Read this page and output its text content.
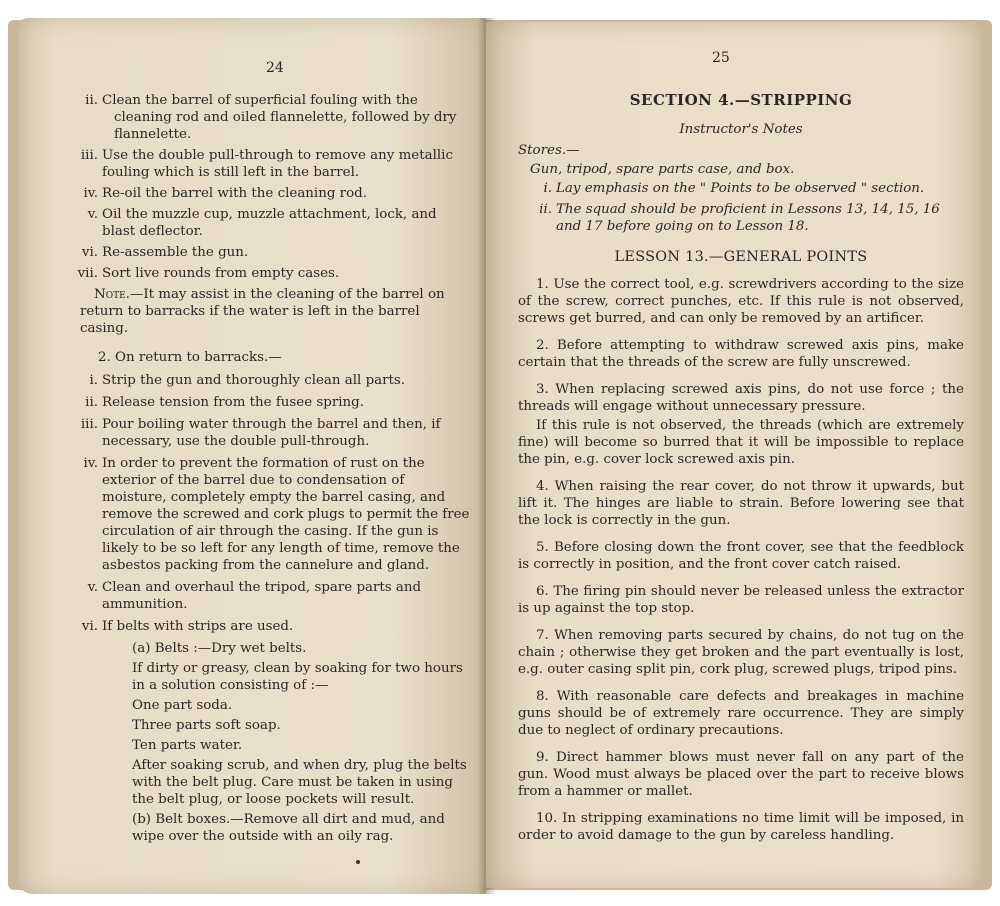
24
ii. Clean the barrel of superficial fouling with the cleaning rod and oiled flannelette, followed by dry flannelette.
iii. Use the double pull-through to remove any metallic fouling which is still left in the barrel.
iv. Re-oil the barrel with the cleaning rod.
v. Oil the muzzle cup, muzzle attachment, lock, and blast deflector.
vi. Re-assemble the gun.
vii. Sort live rounds from empty cases.
Note.—It may assist in the cleaning of the barrel on return to barracks if the water is left in the barrel casing.
2. On return to barracks.—
i. Strip the gun and thoroughly clean all parts.
ii. Release tension from the fusee spring.
iii. Pour boiling water through the barrel and then, if necessary, use the double pull-through.
iv. In order to prevent the formation of rust on the exterior of the barrel due to condensation of moisture, completely empty the barrel casing, and remove the screwed and cork plugs to permit the free circulation of air through the casing. If the gun is likely to be so left for any length of time, remove the asbestos packing from the cannelure and gland.
v. Clean and overhaul the tripod, spare parts and ammunition.
vi. If belts with strips are used.

(a) Belts :—Dry wet belts.

If dirty or greasy, clean by soaking for two hours in a solution consisting of :—

One part soda.

Three parts soft soap.

Ten parts water.

After soaking scrub, and when dry, plug the belts with the belt plug. Care must be taken in using the belt plug, or loose pockets will result.

(b) Belt boxes.—Remove all dirt and mud, and wipe over the outside with an oily rag.

25
SECTION 4.—STRIPPING
Instructor's Notes
Stores.—
Gun, tripod, spare parts case, and box.
i. Lay emphasis on the " Points to be observed " section.
ii. The squad should be proficient in Lessons 13, 14, 15, 16 and 17 before going on to Lesson 18.
LESSON 13.—GENERAL POINTS

1. Use the correct tool, e.g. screwdrivers according to the size of the screw, correct punches, etc. If this rule is not observed, screws get burred, and can only be removed by an artificer.

2. Before attempting to withdraw screwed axis pins, make certain that the threads of the screw are fully unscrewed.

3. When replacing screwed axis pins, do not use force ; the threads will engage without unnecessary pressure.

If this rule is not observed, the threads (which are extremely fine) will become so burred that it will be impossible to replace the pin, e.g. cover lock screwed axis pin.

4. When raising the rear cover, do not throw it upwards, but lift it. The hinges are liable to strain. Before lowering see that the lock is correctly in the gun.

5. Before closing down the front cover, see that the feedblock is correctly in position, and the front cover catch raised.

6. The firing pin should never be released unless the extractor is up against the top stop.

7. When removing parts secured by chains, do not tug on the chain ; otherwise they get broken and the part eventually is lost, e.g. outer casing split pin, cork plug, screwed plugs, tripod pins.

8. With reasonable care defects and breakages in machine guns should be of extremely rare occurrence. They are simply due to neglect of ordinary precautions.

9. Direct hammer blows must never fall on any part of the gun. Wood must always be placed over the part to receive blows from a hammer or mallet.

10. In stripping examinations no time limit will be imposed, in order to avoid damage to the gun by careless handling.
